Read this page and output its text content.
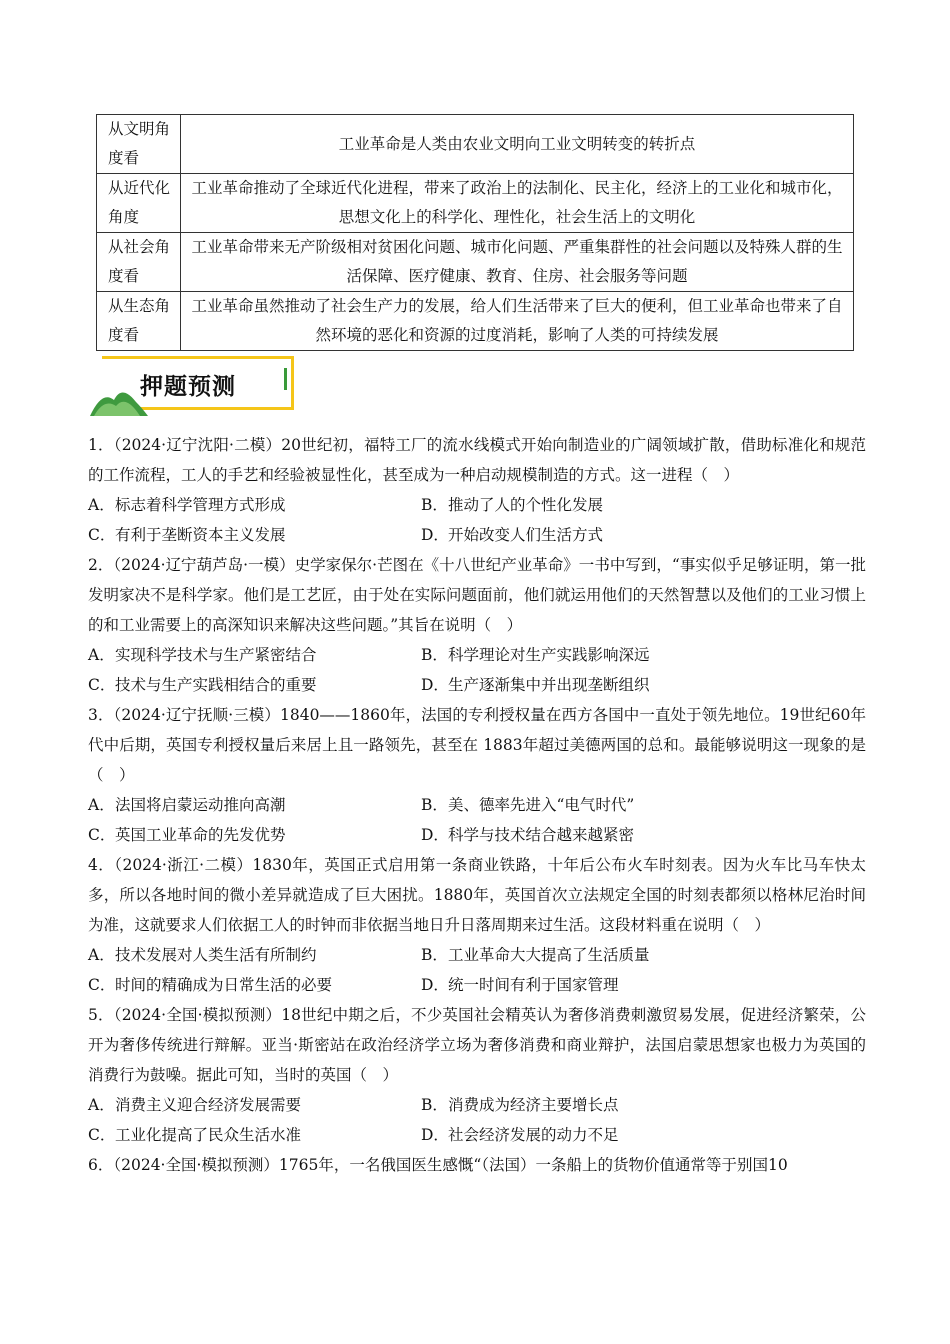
从文明角度看	工业革命是人类由农业文明向工业文明转变的转折点
从近代化角度	工业革命推动了全球近代化进程，带来了政治上的法制化、民主化，经济上的工业化和城市化，思想文化上的科学化、理性化，社会生活上的文明化
从社会角度看	工业革命带来无产阶级相对贫困化问题、城市化问题、严重集群性的社会问题以及特殊人群的生活保障、医疗健康、教育、住房、社会服务等问题
从生态角度看	工业革命虽然推动了社会生产力的发展，给人们生活带来了巨大的便利，但工业革命也带来了自然环境的恶化和资源的过度消耗，影响了人类的可持续发展
押题预测
1．（2024·辽宁沈阳·二模）20世纪初，福特工厂的流水线模式开始向制造业的广阔领域扩散，借助标准化和规范的工作流程，工人的手艺和经验被显性化，甚至成为一种启动规模制造的方式。这一进程（　）
A．标志着科学管理方式形成	B．推动了人的个性化发展
C．有利于垄断资本主义发展	D．开始改变人们生活方式
2．（2024·辽宁葫芦岛·一模）史学家保尔·芒图在《十八世纪产业革命》一书中写到，“事实似乎足够证明，第一批发明家决不是科学家。他们是工艺匠，由于处在实际问题面前，他们就运用他们的天然智慧以及他们的工业习惯上的和工业需要上的高深知识来解决这些问题。”其旨在说明（　）
A．实现科学技术与生产紧密结合	B．科学理论对生产实践影响深远
C．技术与生产实践相结合的重要	D．生产逐渐集中并出现垄断组织
3．（2024·辽宁抚顺·三模）1840——1860年，法国的专利授权量在西方各国中一直处于领先地位。19世纪60年代中后期，英国专利授权量后来居上且一路领先，甚至在 1883年超过美德两国的总和。最能够说明这一现象的是（　）
A．法国将启蒙运动推向高潮	B．美、德率先进入“电气时代”
C．英国工业革命的先发优势	D．科学与技术结合越来越紧密
4．（2024·浙江·二模）1830年，英国正式启用第一条商业铁路，十年后公布火车时刻表。因为火车比马车快太多，所以各地时间的微小差异就造成了巨大困扰。1880年，英国首次立法规定全国的时刻表都须以格林尼治时间为准，这就要求人们依据工人的时钟而非依据当地日升日落周期来过生活。这段材料重在说明（　）
A．技术发展对人类生活有所制约	B．工业革命大大提高了生活质量
C．时间的精确成为日常生活的必要	D．统一时间有利于国家管理
5．（2024·全国·模拟预测）18世纪中期之后，不少英国社会精英认为奢侈消费刺激贸易发展，促进经济繁荣，公开为奢侈传统进行辩解。亚当·斯密站在政治经济学立场为奢侈消费和商业辩护，法国启蒙思想家也极力为英国的消费行为鼓噪。据此可知，当时的英国（　）
A．消费主义迎合经济发展需要	B．消费成为经济主要增长点
C．工业化提高了民众生活水准	D．社会经济发展的动力不足
6．（2024·全国·模拟预测）1765年，一名俄国医生感慨“（法国）一条船上的货物价值通常等于别国10
